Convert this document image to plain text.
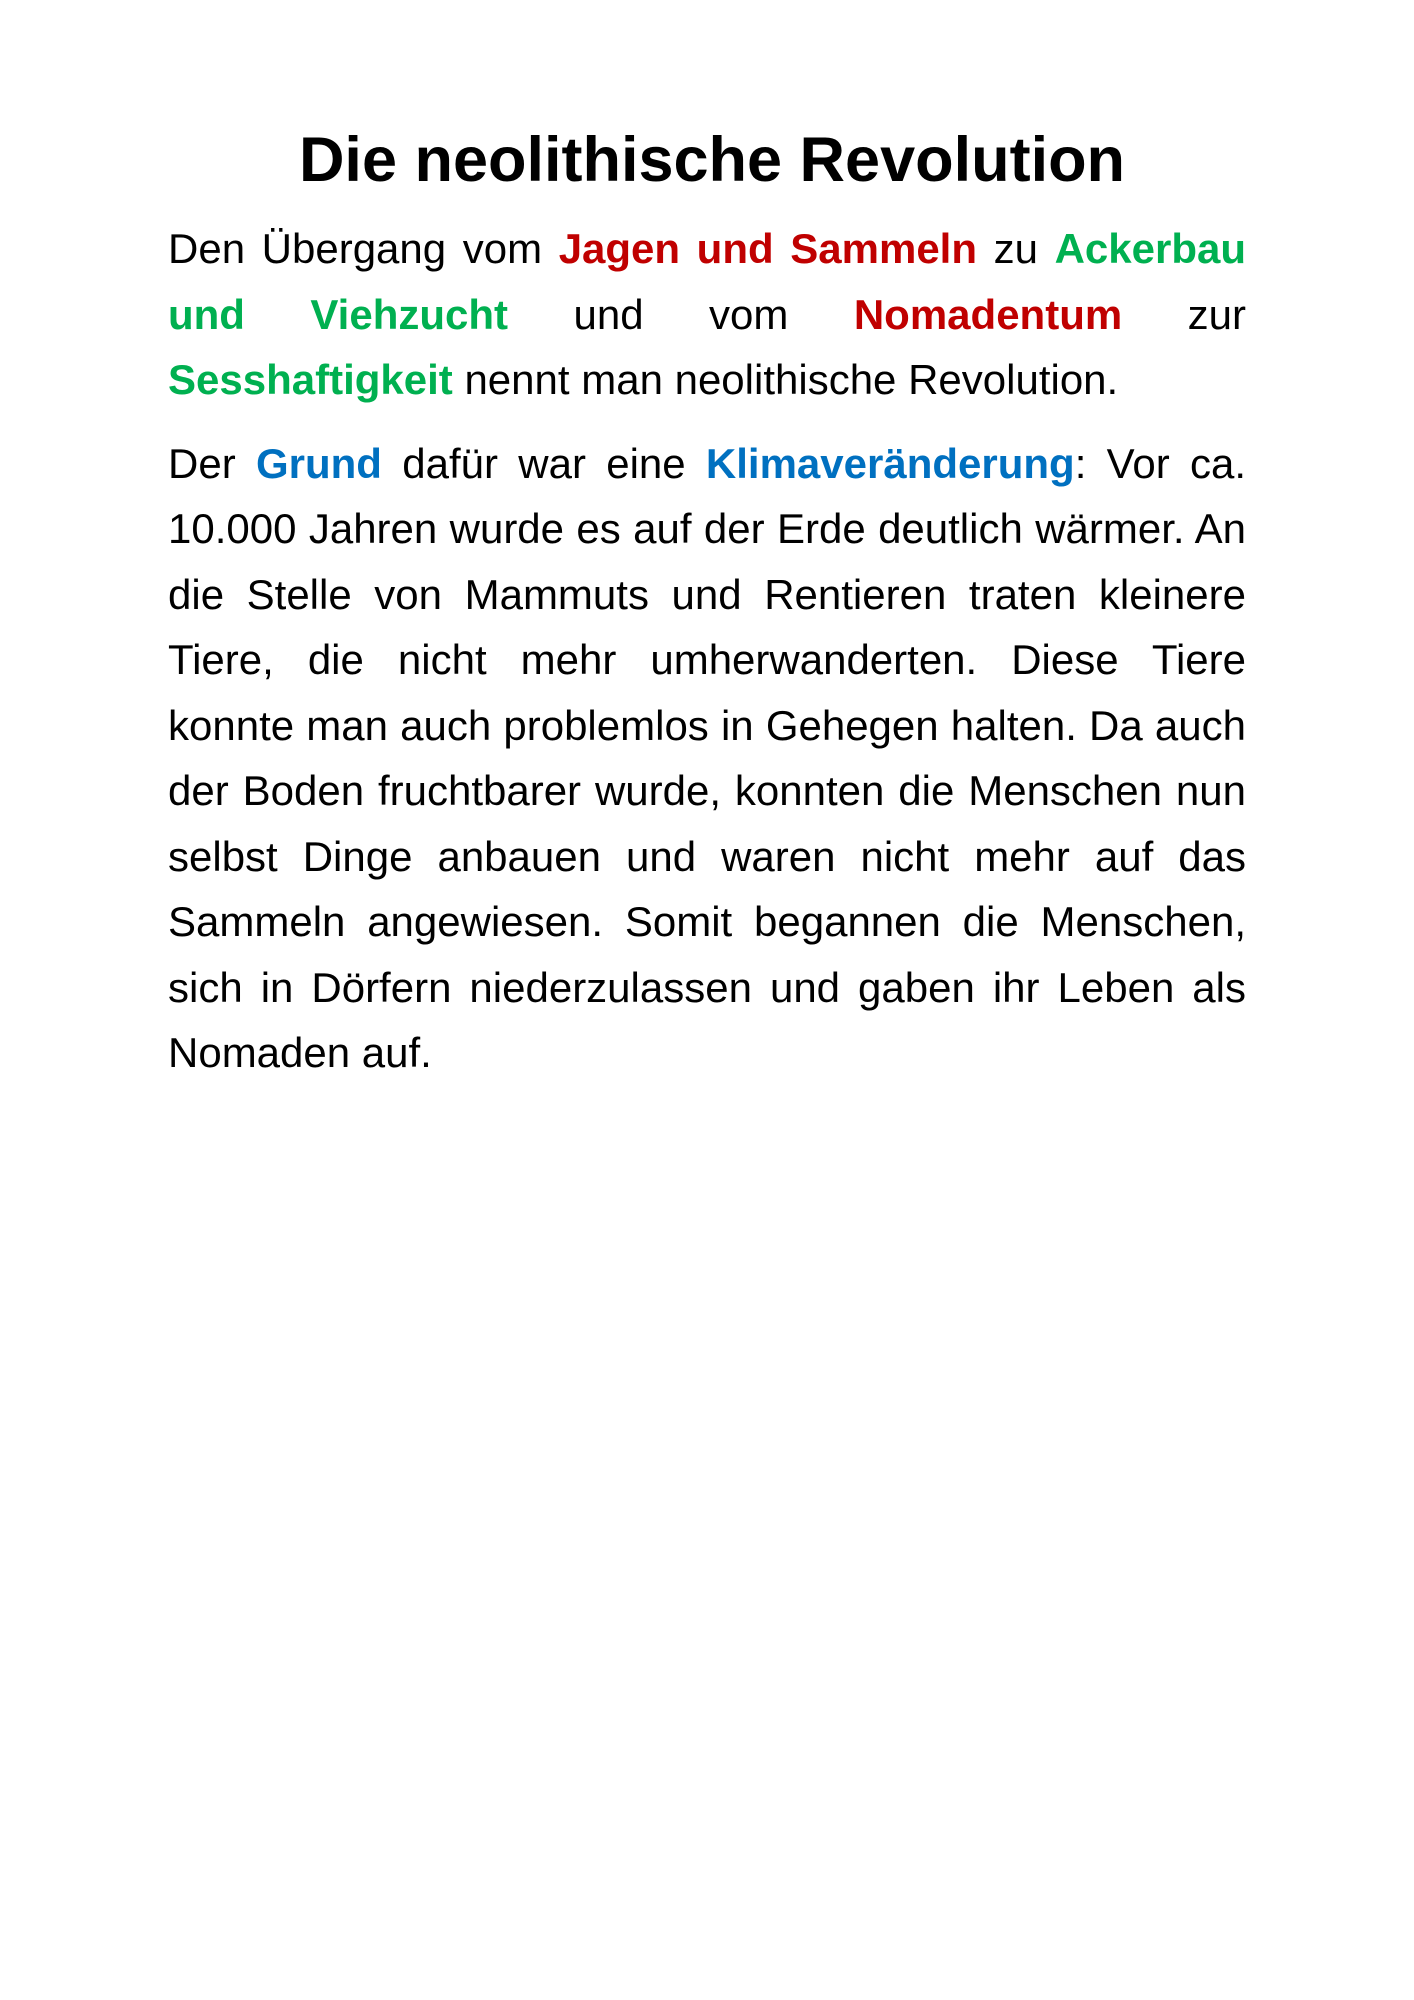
Die neolithische Revolution

Den Übergang vom Jagen und Sammeln zu Ackerbau und Viehzucht und vom Nomadentum zur Sesshaftigkeit nennt man neolithische Revolution.

Der Grund dafür war eine Klimaveränderung: Vor ca. 10.000 Jahren wurde es auf der Erde deutlich wärmer. An die Stelle von Mammuts und Rentieren traten kleinere Tiere, die nicht mehr umherwanderten. Diese Tiere konnte man auch problemlos in Gehegen halten. Da auch der Boden fruchtbarer wurde, konnten die Menschen nun selbst Dinge anbauen und waren nicht mehr auf das Sammeln angewiesen. Somit begannen die Menschen, sich in Dörfern niederzulassen und gaben ihr Leben als Nomaden auf.
